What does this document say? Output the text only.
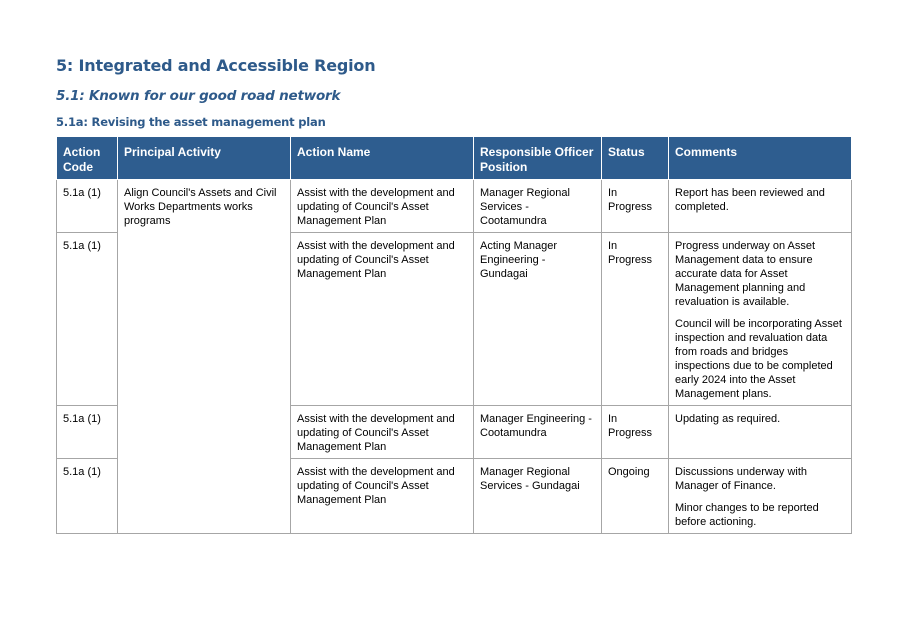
5: Integrated and Accessible Region
5.1: Known for our good road network
5.1a: Revising the asset management plan
Action Code	Principal Activity	Action Name	Responsible Officer Position	Status	Comments
5.1a (1)	Align Council's Assets and Civil Works Departments works programs	Assist with the development and updating of Council's Asset Management Plan	Manager Regional Services - Cootamundra	In Progress	Report has been reviewed and completed.

5.1a (1)		Assist with the development and updating of Council's Asset Management Plan	Acting Manager Engineering - Gundagai	In Progress	Progress underway on Asset Management data to ensure accurate data for Asset Management planning and revaluation is available.

Council will be incorporating Asset inspection and revaluation data from roads and bridges inspections due to be completed early 2024 into the Asset Management plans.

5.1a (1)		Assist with the development and updating of Council's Asset Management Plan	Manager Engineering - Cootamundra	In Progress	Updating as required.

5.1a (1)		Assist with the development and updating of Council's Asset Management Plan	Manager Regional Services - Gundagai	Ongoing	Discussions underway with Manager of Finance.

Minor changes to be reported before actioning.
